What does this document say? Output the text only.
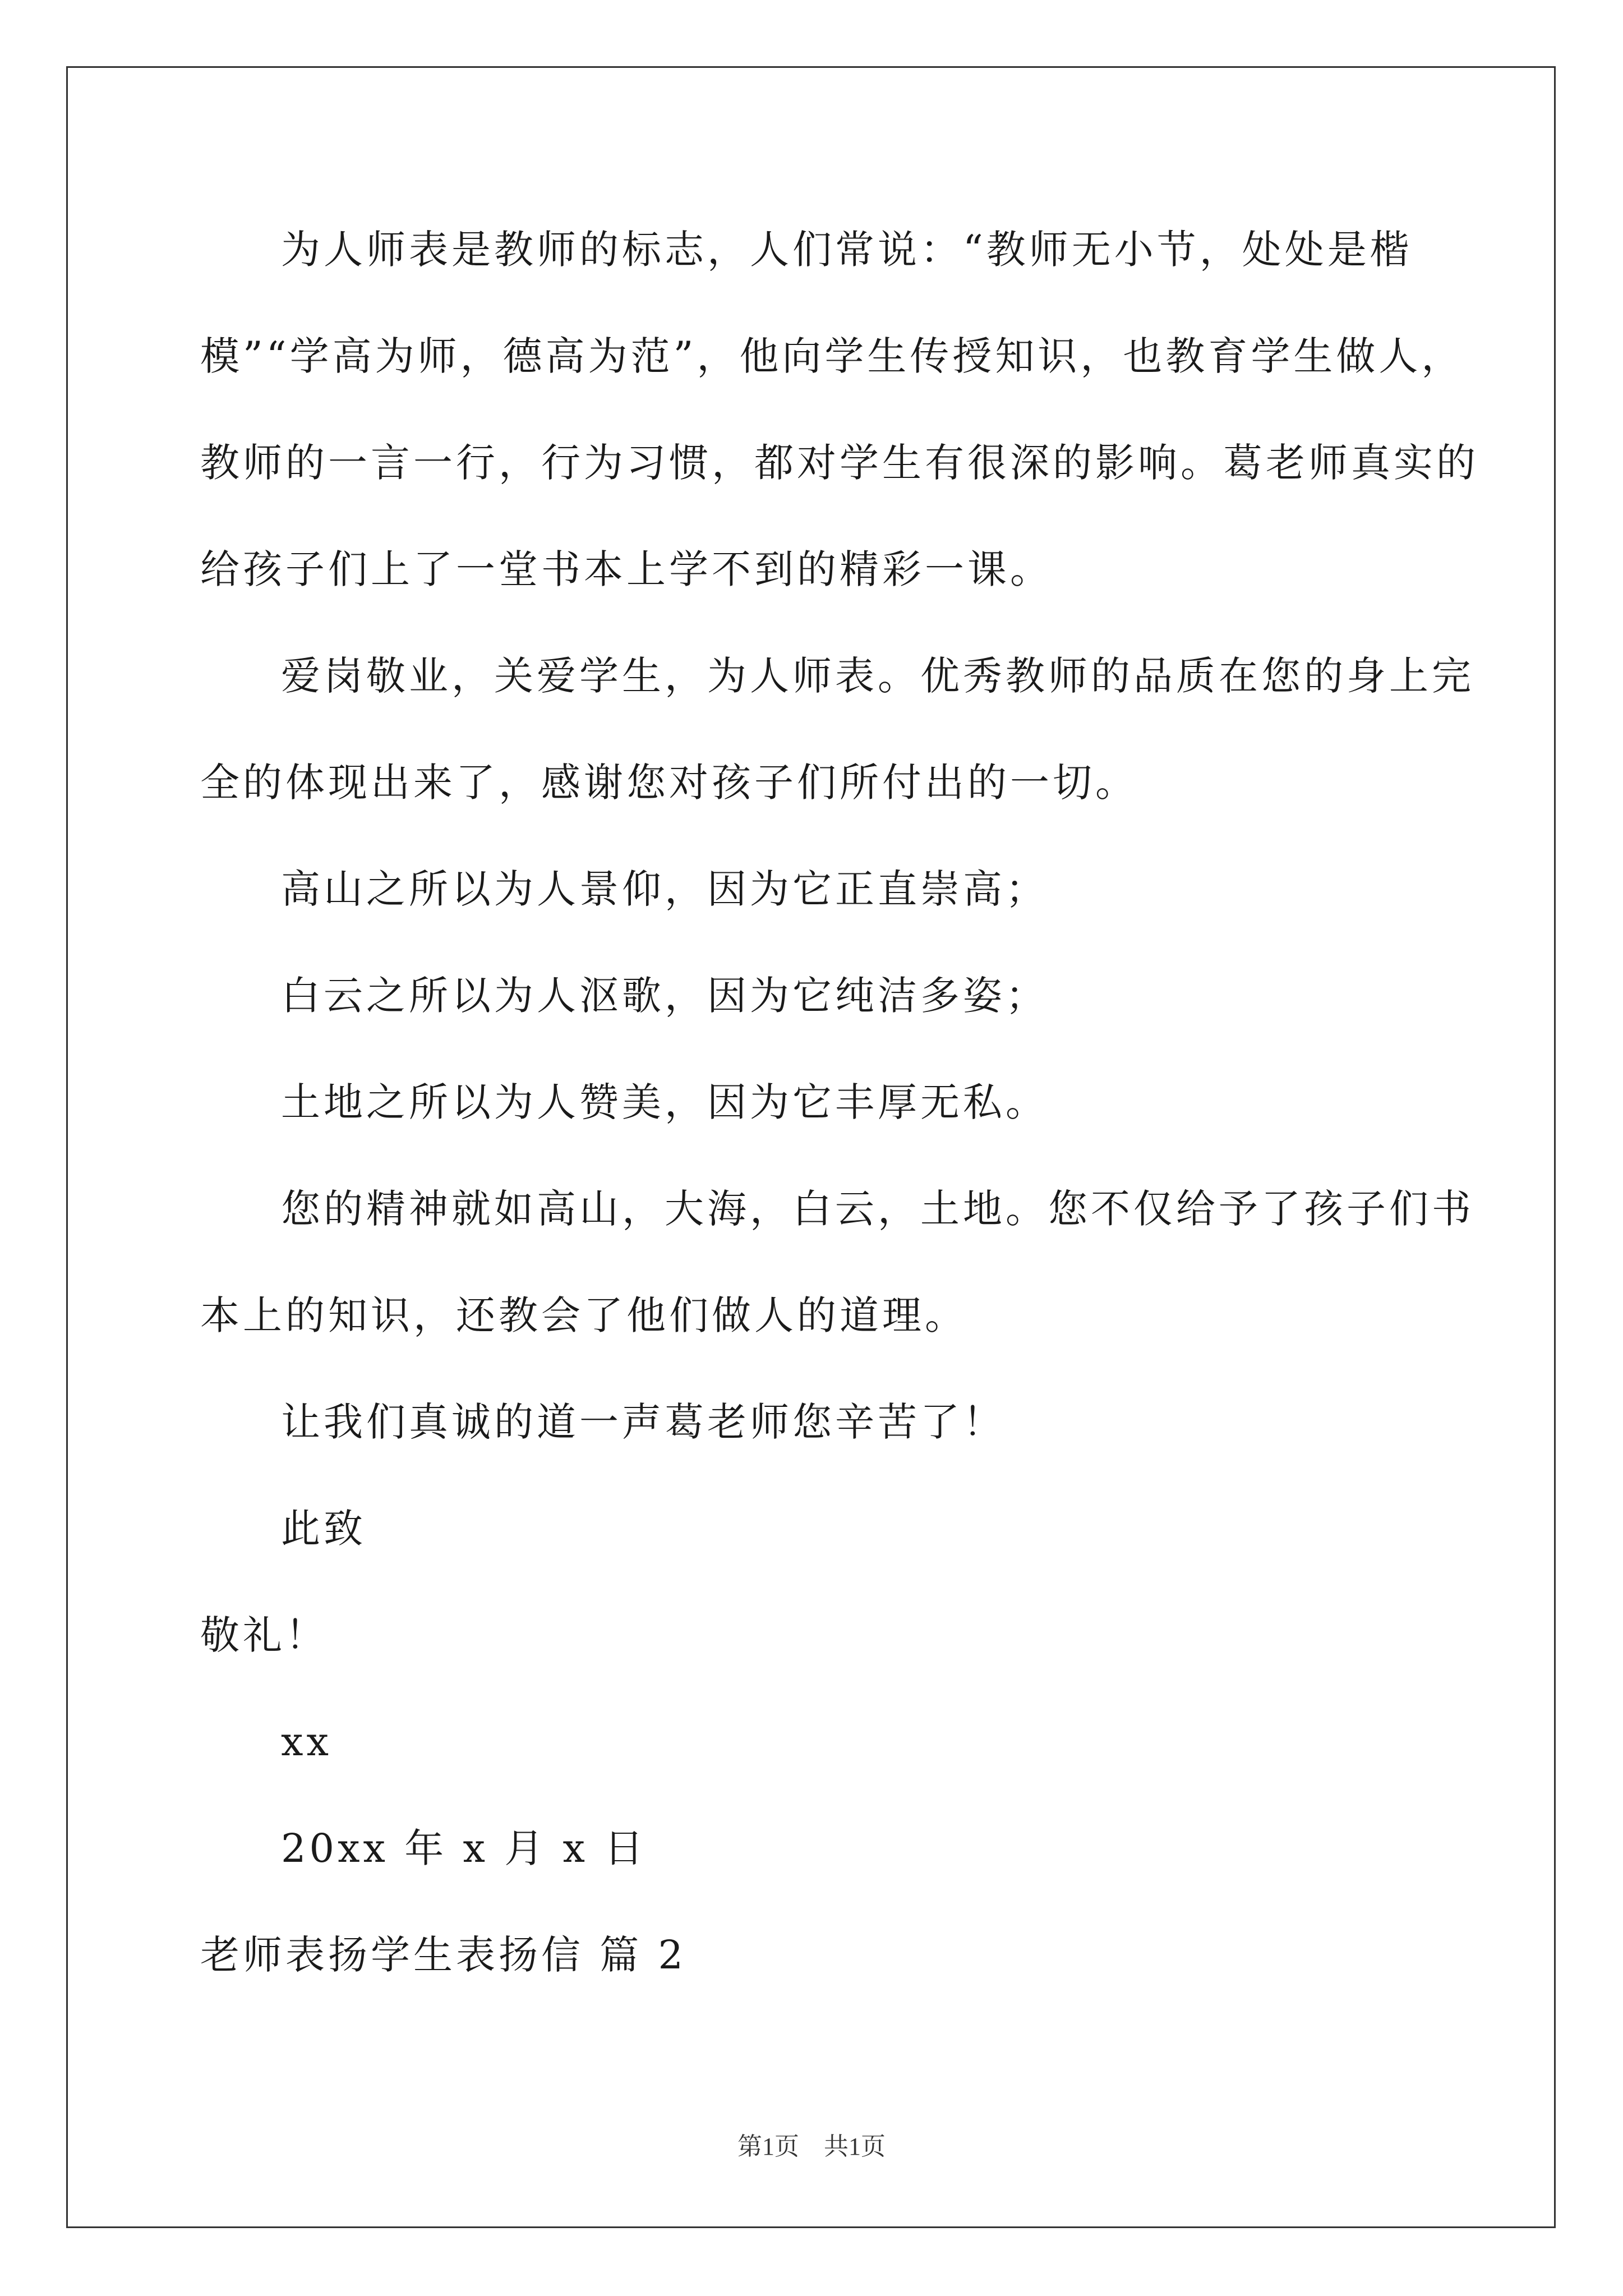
为人师表是教师的标志，人们常说：“教师无小节，处处是楷
模”“学高为师，德高为范”，他向学生传授知识，也教育学生做人，
教师的一言一行，行为习惯，都对学生有很深的影响。葛老师真实的
给孩子们上了一堂书本上学不到的精彩一课。
爱岗敬业，关爱学生，为人师表。优秀教师的品质在您的身上完
全的体现出来了，感谢您对孩子们所付出的一切。
高山之所以为人景仰，因为它正直崇高；
白云之所以为人沤歌，因为它纯洁多姿；
土地之所以为人赞美，因为它丰厚无私。
您的精神就如高山，大海，白云，土地。您不仅给予了孩子们书
本上的知识，还教会了他们做人的道理。
让我们真诚的道一声葛老师您辛苦了！
此致
敬礼！
xx
20xx 年 x 月 x 日
老师表扬学生表扬信 篇 2
第1页 共1页
